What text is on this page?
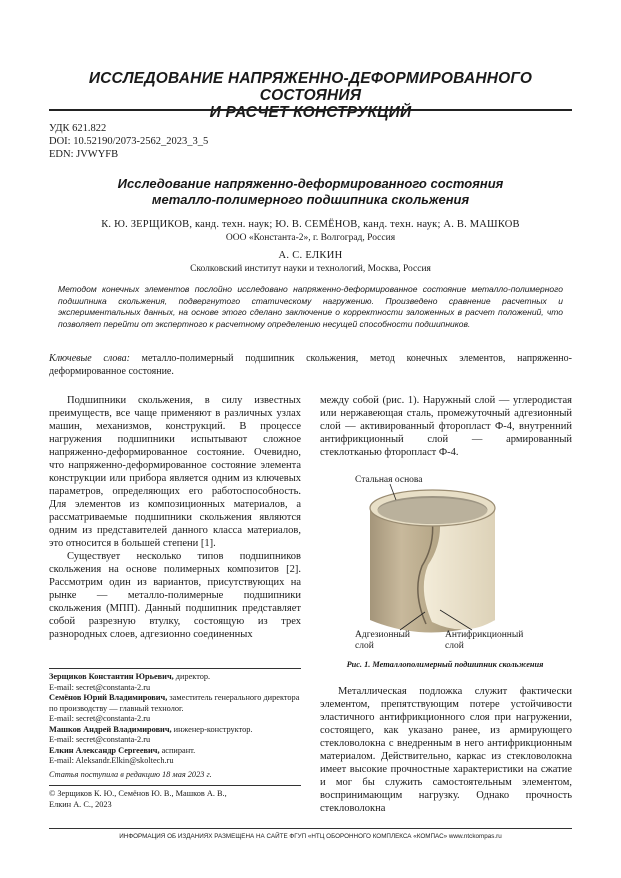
ИССЛЕДОВАНИЕ НАПРЯЖЕННО-ДЕФОРМИРОВАННОГО СОСТОЯНИЯ
И РАСЧЕТ КОНСТРУКЦИЙ
УДК 621.822
DOI: 10.52190/2073-2562_2023_3_5
EDN: JVWYFB
Исследование напряженно-деформированного состояния
металло-полимерного подшипника скольжения
К. Ю. ЗЕРЩИКОВ, канд. техн. наук; Ю. В. СЕМЁНОВ, канд. техн. наук; А. В. МАШКОВ
ООО «Константа-2», г. Волгоград, Россия
А. С. ЕЛКИН
Сколковский институт науки и технологий, Москва, Россия
Методом конечных элементов послойно исследовано напряженно-деформированное состояние металло-полимерного подшипника скольжения, подвергнутого статическому нагружению. Произведено сравнение расчетных и экспериментальных данных, на основе этого сделано заключение о корректности заложенных в расчет положений, что позволяет перейти от экспертного к расчетному определению несущей способности подшипников.
Ключевые слова: металло-полимерный подшипник скольжения, метод конечных элементов, напряженно-деформированное состояние.

Подшипники скольжения, в силу известных преимуществ, все чаще применяют в различных узлах машин, механизмов, конструкций. В процессе нагружения подшипники испытывают сложное напряженно-деформированное состояние. Очевидно, что напряженно-деформированное состояние элемента конструкции или прибора является одним из ключевых параметров, определяющих его работоспособность. Для элементов из композиционных материалов, а рассматриваемые подшипники скольжения являются одним из представителей данного класса материалов, это относится в большей степени [1].

Существует несколько типов подшипников скольжения на основе полимерных композитов [2]. Рассмотрим один из вариантов, присутствующих на рынке — металло-полимерные подшипники скольжения (МПП). Данный подшипник представляет собой разрезную втулку, состоящую из трех разнородных слоев, адгезионно соединенных

Зерщиков Константин Юрьевич, директор.
E-mail: secret@constanta-2.ru
Семёнов Юрий Владимирович, заместитель генерального директора по производству — главный технолог.
E-mail: secret@constanta-2.ru
Машков Андрей Владимирович, инженер-конструктор.
E-mail: secret@constanta-2.ru
Елкин Александр Сергеевич, аспирант.
E-mail: Aleksandr.Elkin@skoltech.ru
Статья поступила в редакцию 18 мая 2023 г.
© Зерщиков К. Ю., Семёнов Ю. В., Машков А. В.,
Елкин А. С., 2023

между собой (рис. 1). Наружный слой — углеродистая или нержавеющая сталь, промежуточный адгезионный слой — активированный фторопласт Ф-4, внутренний антифрикционный слой — армированный стеклотканью фторопласт Ф-4.

Стальная основа
Адгезионный
слой
Антифрикционный
слой
Рис. 1. Металлополимерный подшипник скольжения

Металлическая подложка служит фактически элементом, препятствующим потере устойчивости эластичного антифрикционного слоя при нагружении, состоящего, как указано ранее, из армирующего стекловолокна с внедренным в него антифрикционным материалом. Действительно, каркас из стекловолокна имеет высокие прочностные характеристики на сжатие и мог бы служить самостоятельным элементом, воспринимающим нагрузку. Однако прочность стекловолокна

ИНФОРМАЦИЯ ОБ ИЗДАНИЯХ РАЗМЕЩЕНА НА САЙТЕ ФГУП «НТЦ ОБОРОННОГО КОМПЛЕКСА «КОМПАС» www.ntckompas.ru
